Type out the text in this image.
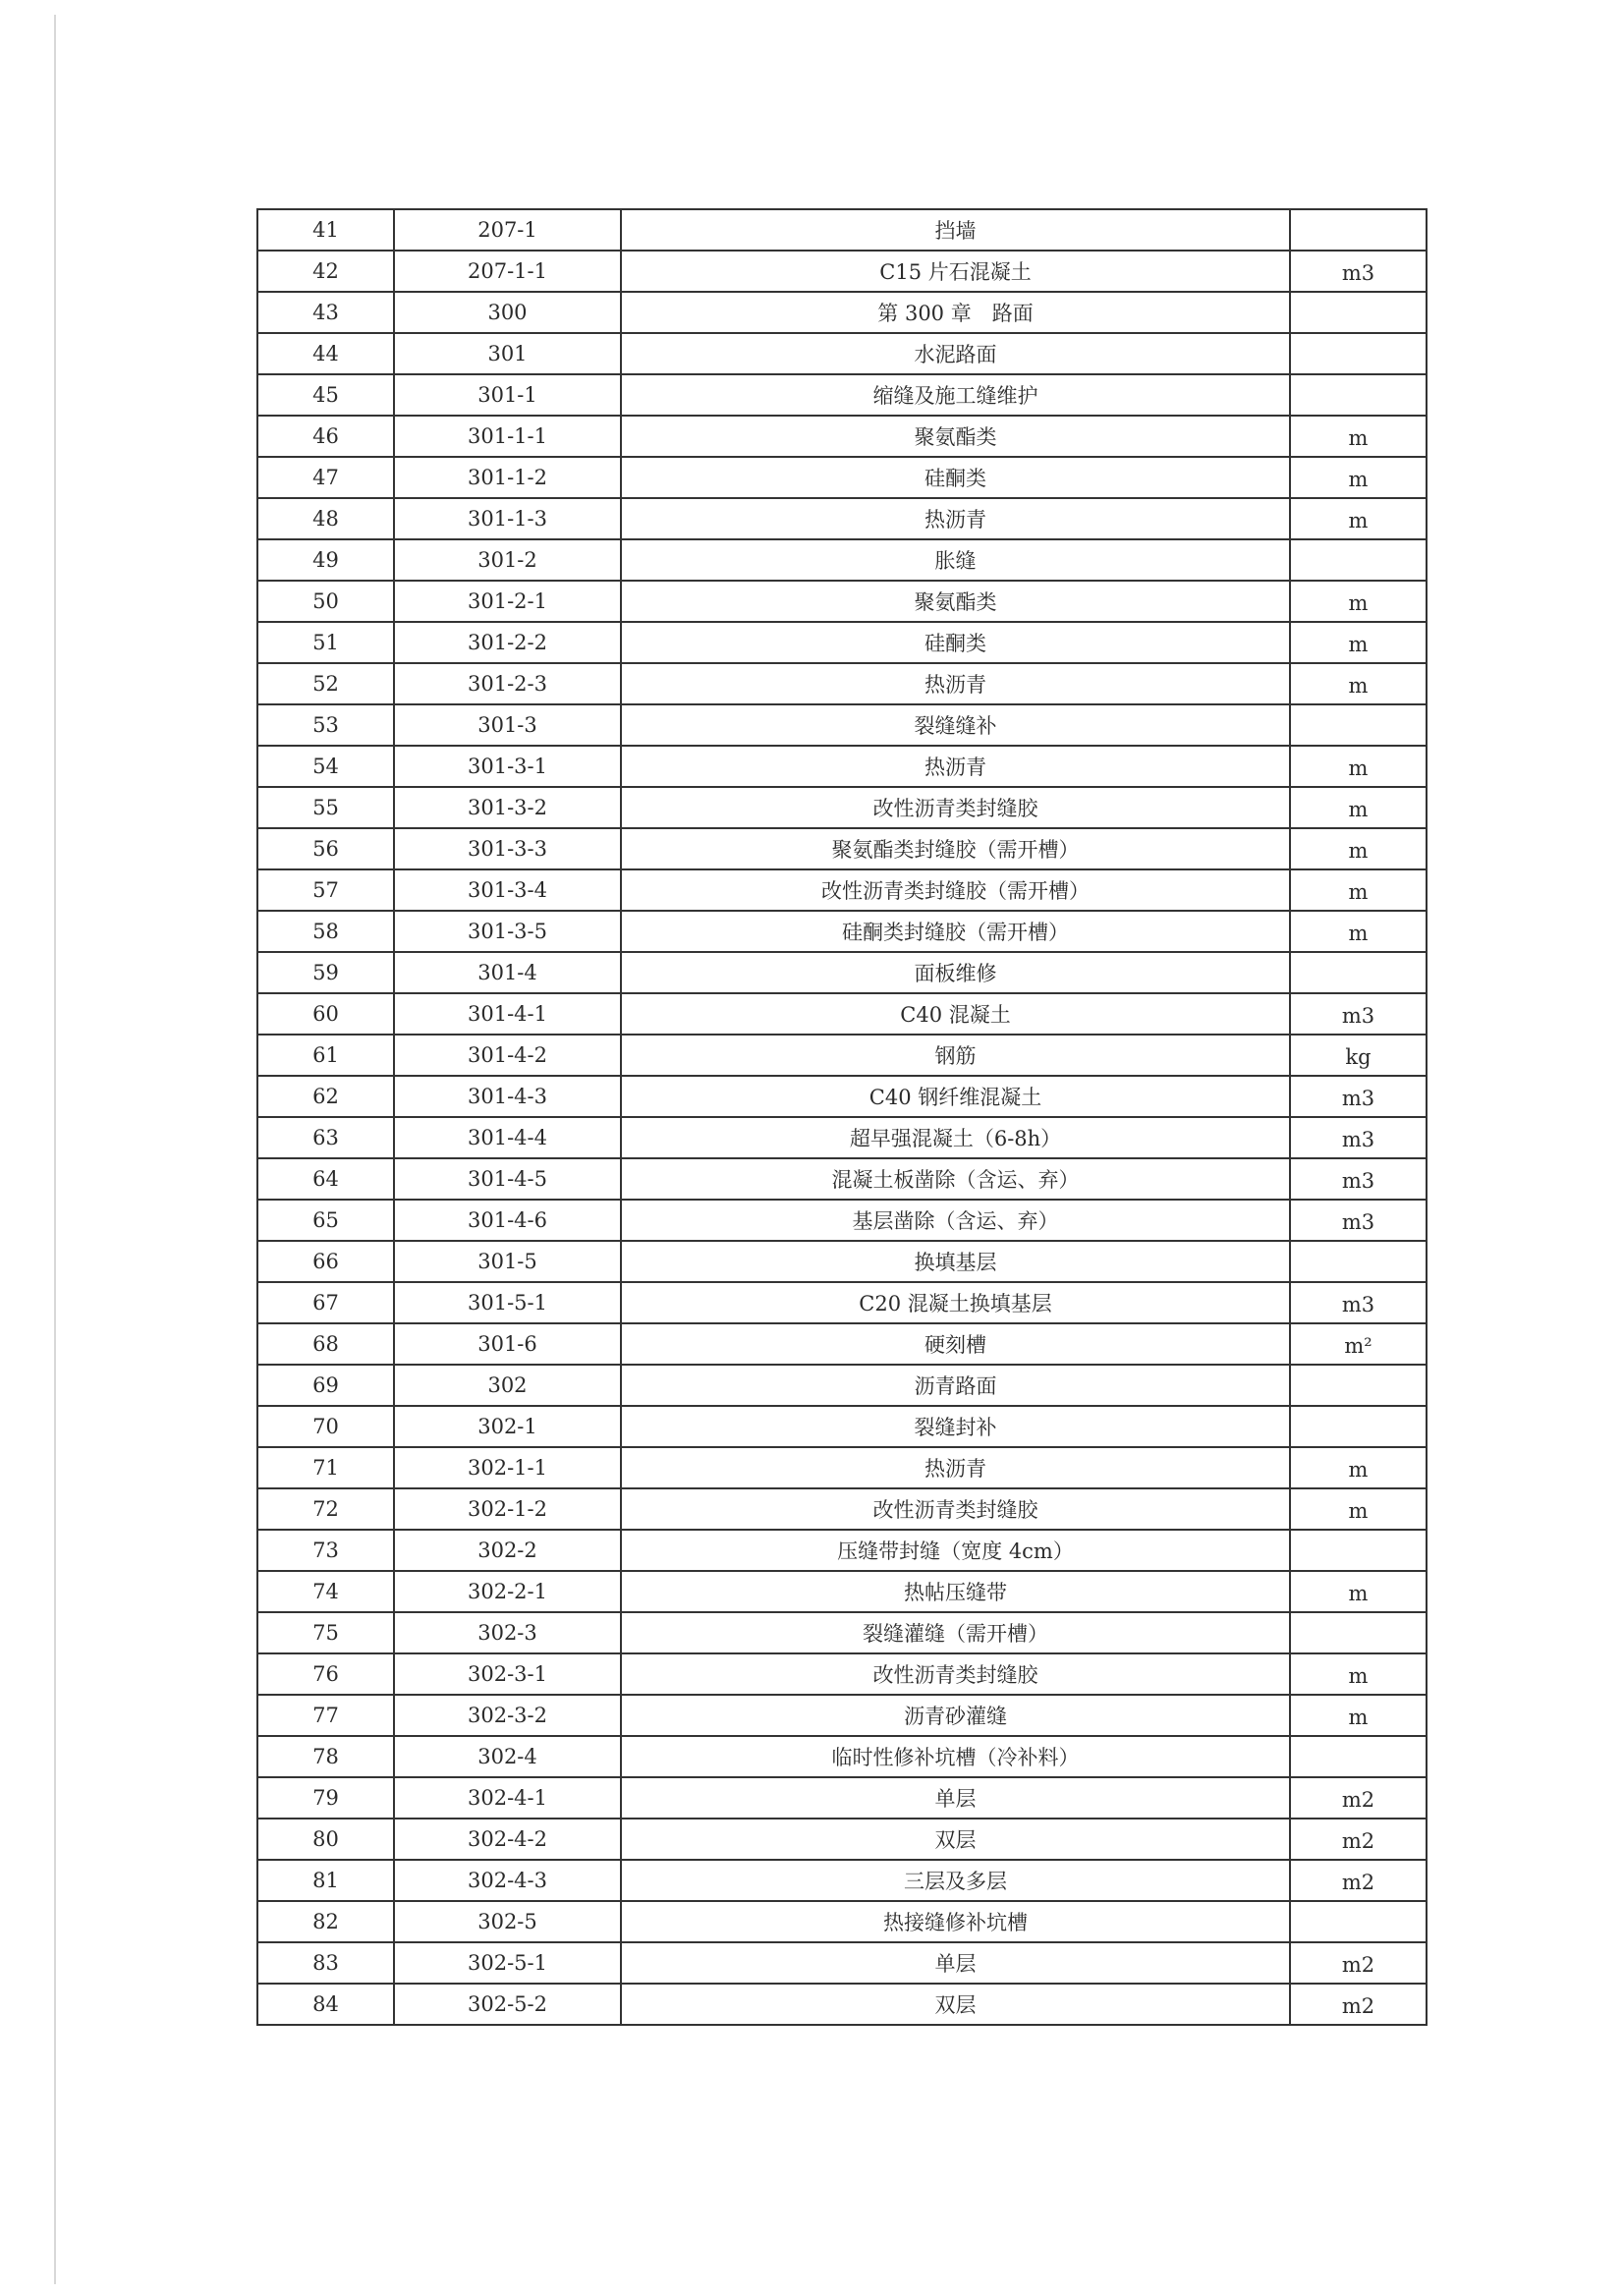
41	207-1	挡墙	
42	207-1-1	C15 片石混凝土	m3
43	300	第 300 章　路面	
44	301	水泥路面	
45	301-1	缩缝及施工缝维护	
46	301-1-1	聚氨酯类	m
47	301-1-2	硅酮类	m
48	301-1-3	热沥青	m
49	301-2	胀缝	
50	301-2-1	聚氨酯类	m
51	301-2-2	硅酮类	m
52	301-2-3	热沥青	m
53	301-3	裂缝缝补	
54	301-3-1	热沥青	m
55	301-3-2	改性沥青类封缝胶	m
56	301-3-3	聚氨酯类封缝胶（需开槽）	m
57	301-3-4	改性沥青类封缝胶（需开槽）	m
58	301-3-5	硅酮类封缝胶（需开槽）	m
59	301-4	面板维修	
60	301-4-1	C40 混凝土	m3
61	301-4-2	钢筋	kg
62	301-4-3	C40 钢纤维混凝土	m3
63	301-4-4	超早强混凝土（6-8h）	m3
64	301-4-5	混凝土板凿除（含运、弃）	m3
65	301-4-6	基层凿除（含运、弃）	m3
66	301-5	换填基层	
67	301-5-1	C20 混凝土换填基层	m3
68	301-6	硬刻槽	m²
69	302	沥青路面	
70	302-1	裂缝封补	
71	302-1-1	热沥青	m
72	302-1-2	改性沥青类封缝胶	m
73	302-2	压缝带封缝（宽度 4cm）	
74	302-2-1	热帖压缝带	m
75	302-3	裂缝灌缝（需开槽）	
76	302-3-1	改性沥青类封缝胶	m
77	302-3-2	沥青砂灌缝	m
78	302-4	临时性修补坑槽（冷补料）	
79	302-4-1	单层	m2
80	302-4-2	双层	m2
81	302-4-3	三层及多层	m2
82	302-5	热接缝修补坑槽	
83	302-5-1	单层	m2
84	302-5-2	双层	m2
